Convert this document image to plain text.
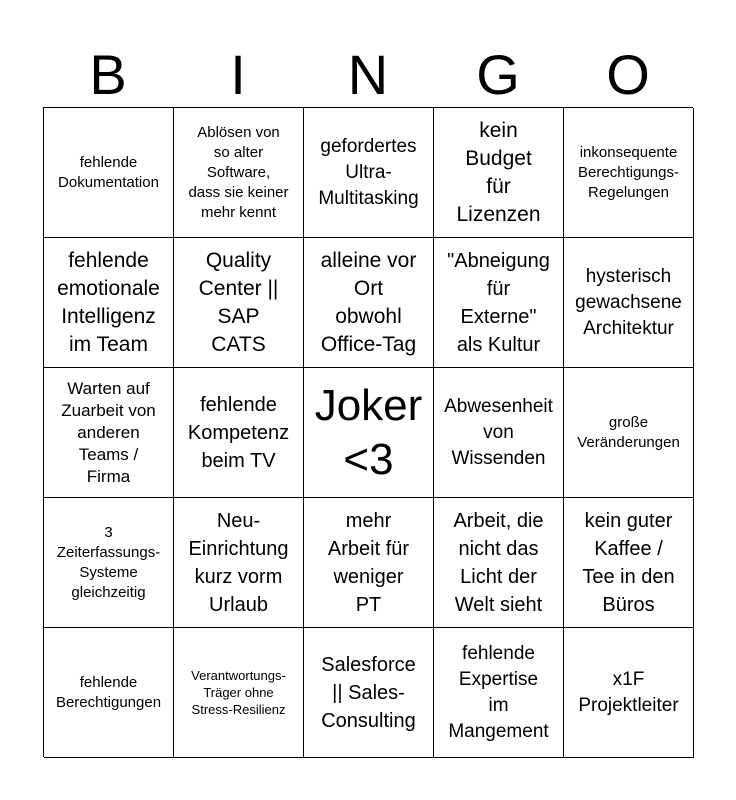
B	I	N	G	O
fehlende
Dokumentation
Ablösen von
so alter
Software,
dass sie keiner
mehr kennt
gefordertes
Ultra-
Multitasking
kein
Budget
für
Lizenzen
inkonsequente
Berechtigungs-
Regelungen
fehlende
emotionale
Intelligenz
im Team
Quality
Center ||
SAP
CATS
alleine vor
Ort
obwohl
Office-Tag
"Abneigung
für
Externe"
als Kultur
hysterisch
gewachsene
Architektur
Warten auf
Zuarbeit von
anderen
Teams /
Firma
fehlende
Kompetenz
beim TV
Joker
<3
Abwesenheit
von
Wissenden
große
Veränderungen
3
Zeiterfassungs-
Systeme
gleichzeitig
Neu-
Einrichtung
kurz vorm
Urlaub
mehr
Arbeit für
weniger
PT
Arbeit, die
nicht das
Licht der
Welt sieht
kein guter
Kaffee /
Tee in den
Büros
fehlende
Berechtigungen
Verantwortungs-
Träger ohne
Stress-Resilienz
Salesforce
|| Sales-
Consulting
fehlende
Expertise
im
Mangement
x1F
Projektleiter
